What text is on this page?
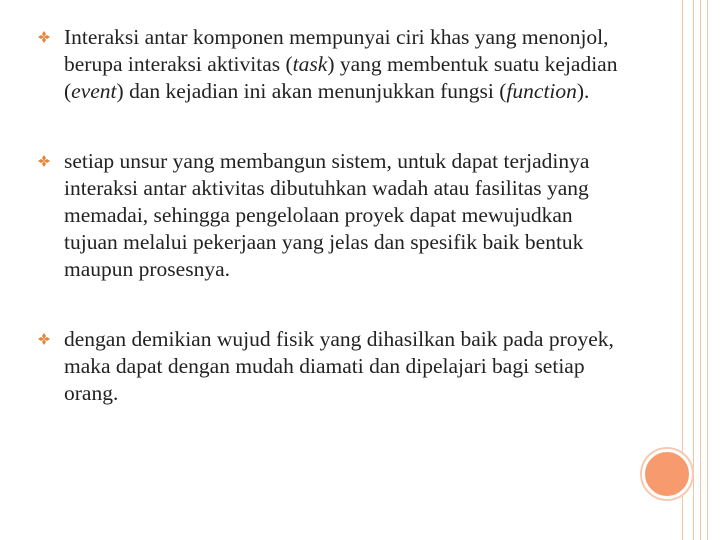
Interaksi antar komponen mempunyai ciri khas yang menonjol, berupa interaksi aktivitas (task) yang membentuk suatu kejadian (event) dan kejadian ini akan menunjukkan fungsi (function).
setiap unsur yang membangun sistem, untuk dapat terjadinya interaksi antar aktivitas dibutuhkan wadah atau fasilitas yang memadai, sehingga pengelolaan proyek dapat mewujudkan tujuan melalui pekerjaan yang jelas dan spesifik baik bentuk maupun prosesnya.
dengan demikian wujud fisik yang dihasilkan baik pada proyek, maka dapat dengan mudah diamati dan dipelajari bagi setiap orang.
